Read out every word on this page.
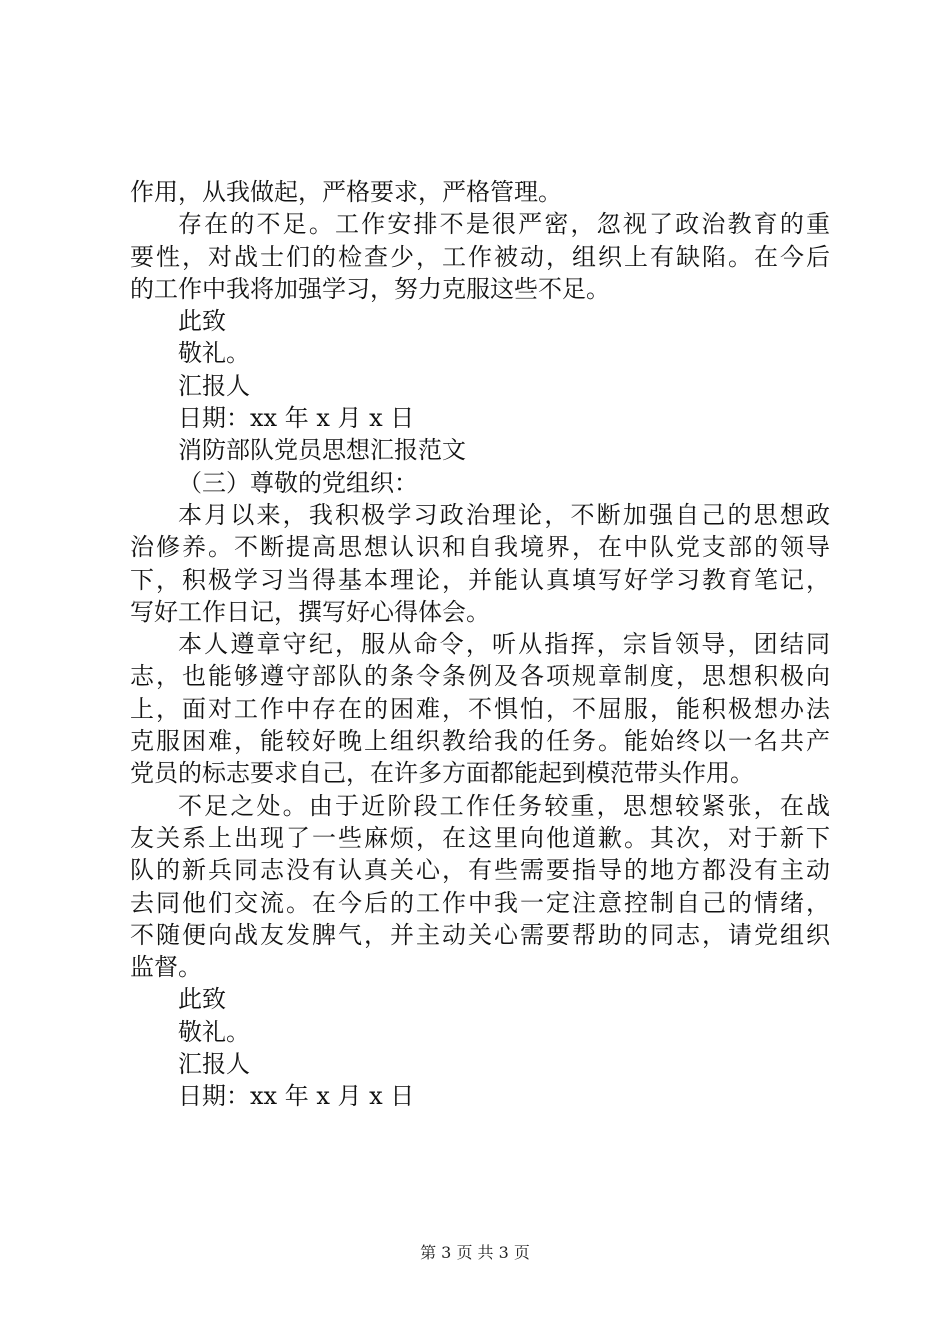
作用，从我做起，严格要求，严格管理。
存在的不足。工作安排不是很严密，忽视了政治教育的重
要性，对战士们的检查少，工作被动，组织上有缺陷。在今后
的工作中我将加强学习，努力克服这些不足。
此致
敬礼。
汇报人
日期：xx 年 x 月 x 日
消防部队党员思想汇报范文
（三）尊敬的党组织：
本月以来，我积极学习政治理论，不断加强自己的思想政
治修养。不断提高思想认识和自我境界，在中队党支部的领导
下，积极学习当得基本理论，并能认真填写好学习教育笔记，
写好工作日记，撰写好心得体会。
本人遵章守纪，服从命令，听从指挥，宗旨领导，团结同
志，也能够遵守部队的条令条例及各项规章制度，思想积极向
上，面对工作中存在的困难，不惧怕，不屈服，能积极想办法
克服困难，能较好晚上组织教给我的任务。能始终以一名共产
党员的标志要求自己，在许多方面都能起到模范带头作用。
不足之处。由于近阶段工作任务较重，思想较紧张，在战
友关系上出现了一些麻烦，在这里向他道歉。其次，对于新下
队的新兵同志没有认真关心，有些需要指导的地方都没有主动
去同他们交流。在今后的工作中我一定注意控制自己的情绪，
不随便向战友发脾气，并主动关心需要帮助的同志，请党组织
监督。
此致
敬礼。
汇报人
日期：xx 年 x 月 x 日
第 3 页 共 3 页
